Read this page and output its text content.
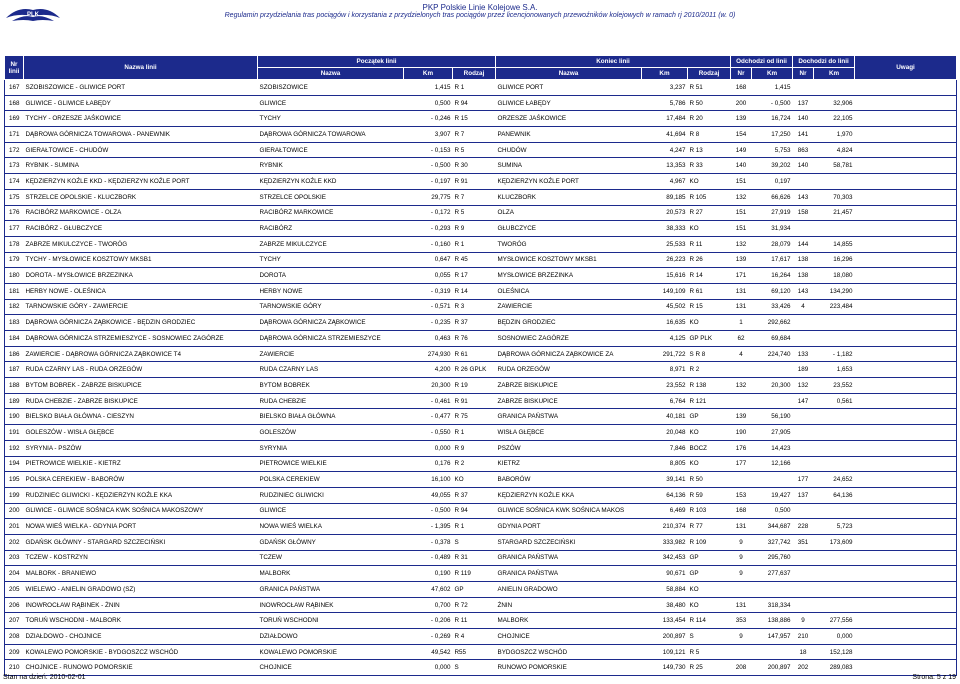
PLK
PKP Polskie Linie Kolejowe S.A.
Regulamin przydzielania tras pociągów i korzystania z przydzielonych tras pociągów przez licencjonowanych przewoźników kolejowych w ramach rj 2010/2011 (w. 0)
Nr
linii	Nazwa linii	Początek linii			Koniec linii			Odchodzi od linii		Dochodzi do linii		Uwagi
		Nazwa	Km	Rodzaj	Nazwa	Km	Rodzaj	Nr	Km	Nr	Km	
167	SZOBISZOWICE - GLIWICE PORT	SZOBISZOWICE	1,415	R 1	GLIWICE PORT	3,237	R 51	168	1,415			
168	GLIWICE - GLIWICE ŁABĘDY	GLIWICE	0,500	R 94	GLIWICE ŁABĘDY	5,786	R 50	200	- 0,500	137	32,906	
169	TYCHY - ORZESZE JAŚKOWICE	TYCHY	- 0,246	R 15	ORZESZE JAŚKOWICE	17,484	R 20	139	16,724	140	22,105	
171	DĄBROWA GÓRNICZA TOWAROWA - PANEWNIK	DĄBROWA GÓRNICZA TOWAROWA	3,907	R 7	PANEWNIK	41,694	R 8	154	17,250	141	1,970	
172	GIERAŁTOWICE - CHUDÓW	GIERAŁTOWICE	- 0,153	R 5	CHUDÓW	4,247	R 13	149	5,753	863	4,824	
173	RYBNIK - SUMINA	RYBNIK	- 0,500	R 30	SUMINA	13,353	R 33	140	39,202	140	58,781	
174	KĘDZIERZYN KOŹLE KKD - KĘDZIERZYN KOŹLE PORT	KĘDZIERZYN KOŹLE KKD	- 0,197	R 91	KĘDZIERZYN KOŹLE PORT	4,967	KO	151	0,197			
175	STRZELCE OPOLSKIE - KLUCZBORK	STRZELCE OPOLSKIE	29,775	R 7	KLUCZBORK	89,185	R 105	132	66,626	143	70,303	
176	RACIBÓRZ MARKOWICE - OLZA	RACIBÓRZ MARKOWICE	- 0,172	R 5	OLZA	20,573	R 27	151	27,919	158	21,457	
177	RACIBÓRZ - GŁUBCZYCE	RACIBÓRZ	- 0,293	R 9	GŁUBCZYCE	38,333	KO	151	31,934			
178	ZABRZE MIKULCZYCE - TWORÓG	ZABRZE MIKULCZYCE	- 0,160	R 1	TWORÓG	25,533	R 11	132	28,079	144	14,855	
179	TYCHY - MYSŁOWICE KOSZTOWY MKSB1	TYCHY	0,647	R 45	MYSŁOWICE KOSZTOWY MKSB1	26,223	R 26	139	17,617	138	16,296	
180	DOROTA - MYSŁOWICE BRZEZINKA	DOROTA	0,055	R 17	MYSŁOWICE BRZEZINKA	15,616	R 14	171	16,264	138	18,080	
181	HERBY NOWE - OLEŚNICA	HERBY NOWE	- 0,319	R 14	OLEŚNICA	149,109	R 61	131	69,120	143	134,290	
182	TARNOWSKIE GÓRY - ZAWIERCIE	TARNOWSKIE GÓRY	- 0,571	R 3	ZAWIERCIE	45,502	R 15	131	33,426	4	223,484	
183	DĄBROWA GÓRNICZA ZĄBKOWICE - BĘDZIN GRODZIEC	DĄBROWA GÓRNICZA ZĄBKOWICE	- 0,235	R 37	BĘDZIN GRODZIEC	16,635	KO	1	292,662			
184	DĄBROWA GÓRNICZA STRZEMIESZYCE - SOSNOWIEC ZAGÓRZE	DĄBROWA GÓRNICZA STRZEMIESZYCE	0,463	R 76	SOSNOWIEC ZAGÓRZE	4,125	GP PLK	62	69,684			
186	ZAWIERCIE - DĄBROWA GÓRNICZA ZĄBKOWICE T4	ZAWIERCIE	274,930	R 61	DĄBROWA GÓRNICZA ZĄBKOWICE ZA	291,722	S R 8	4	224,740	133	- 1,182	
187	RUDA CZARNY LAS - RUDA ORZEGÓW	RUDA CZARNY LAS	4,200	R 26 GPLK	RUDA ORZEGÓW	8,971	R 2			189	1,653	
188	BYTOM BOBREK - ZABRZE BISKUPICE	BYTOM BOBREK	20,300	R 19	ZABRZE BISKUPICE	23,552	R 138	132	20,300	132	23,552	
189	RUDA CHEBZIE - ZABRZE BISKUPICE	RUDA CHEBZIE	- 0,461	R 91	ZABRZE BISKUPICE	6,764	R 121			147	0,561	
190	BIELSKO BIAŁA GŁÓWNA - CIESZYN	BIELSKO BIAŁA GŁÓWNA	- 0,477	R 75	GRANICA PAŃSTWA	40,181	GP	139	56,190			
191	GOLESZÓW - WISŁA GŁĘBCE	GOLESZÓW	- 0,550	R 1	WISŁA GŁĘBCE	20,048	KO	190	27,905			
192	SYRYNIA - PSZÓW	SYRYNIA	0,000	R 9	PSZÓW	7,846	BOCZ	176	14,423			
194	PIETROWICE WIELKIE - KIETRZ	PIETROWICE WIELKIE	0,176	R 2	KIETRZ	8,805	KO	177	12,166			
195	POLSKA CEREKIEW - BABORÓW	POLSKA CEREKIEW	16,100	KO	BABORÓW	39,141	R 50			177	24,652	
199	RUDZINIEC GLIWICKI - KĘDZIERZYN KOŹLE KKA	RUDZINIEC GLIWICKI	49,055	R 37	KĘDZIERZYN KOŹLE KKA	64,136	R 59	153	19,427	137	64,136	
200	GLIWICE - GLIWICE SOŚNICA KWK SOŚNICA MAKOSZOWY	GLIWICE	- 0,500	R 94	GLIWICE SOŚNICA KWK SOŚNICA MAKOS	6,469	R 103	168	0,500			
201	NOWA WIEŚ WIELKA - GDYNIA PORT	NOWA WIEŚ WIELKA	- 1,395	R 1	GDYNIA PORT	210,374	R 77	131	344,687	228	5,723	
202	GDAŃSK GŁÓWNY - STARGARD SZCZECIŃSKI	GDAŃSK GŁÓWNY	- 0,378	S	STARGARD SZCZECIŃSKI	333,982	R 109	9	327,742	351	173,609	
203	TCZEW - KOSTRZYN	TCZEW	- 0,489	R 31	GRANICA PAŃSTWA	342,453	GP	9	295,760			
204	MALBORK - BRANIEWO	MALBORK	0,190	R 119	GRANICA PAŃSTWA	90,671	GP	9	277,637			
205	WIELEWO - ANIELIN GRADOWO (SZ)	GRANICA PAŃSTWA	47,602	GP	ANIELIN GRADOWO	58,884	KO					
206	INOWROCŁAW RĄBINEK - ŻNIN	INOWROCŁAW RĄBINEK	0,700	R 72	ŻNIN	38,480	KO	131	318,334			
207	TORUŃ WSCHODNI - MALBORK	TORUŃ WSCHODNI	- 0,206	R 11	MALBORK	133,454	R 114	353	138,886	9	277,556	
208	DZIAŁDOWO - CHOJNICE	DZIAŁDOWO	- 0,269	R 4	CHOJNICE	200,897	S	9	147,957	210	0,000	
209	KOWALEWO POMORSKIE - BYDGOSZCZ WSCHÓD	KOWALEWO POMORSKIE	49,542	R55	BYDGOSZCZ WSCHÓD	109,121	R 5			18	152,128	
210	CHOJNICE - RUNOWO POMORSKIE	CHOJNICE	0,000	S	RUNOWO POMORSKIE	149,730	R 25	208	200,897	202	289,083	
Stan na dzień: 2010-02-01	Strona: 5 z 19
